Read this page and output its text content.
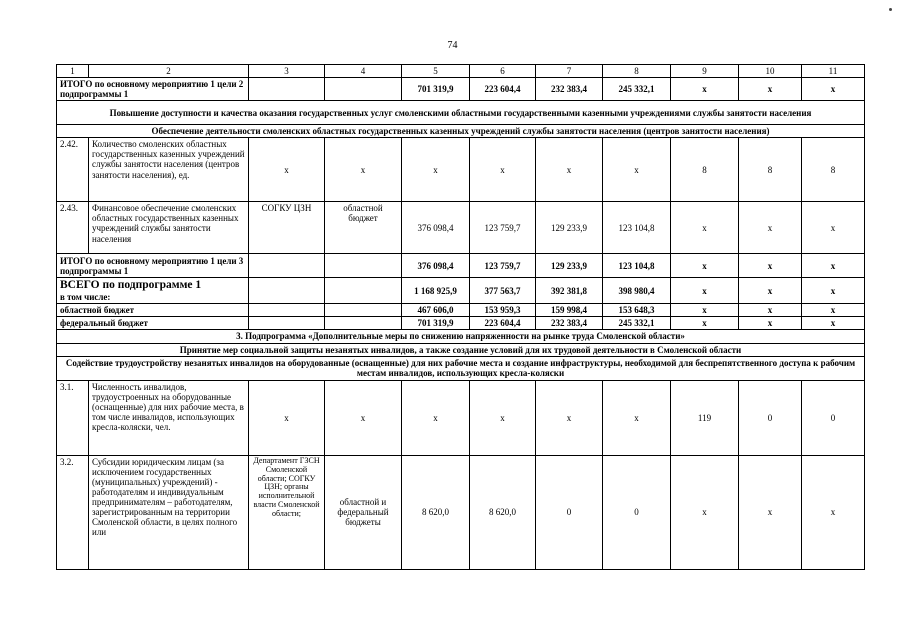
74
1	2	3	4	5	6	7	8	9	10	11
ИТОГО по основному мероприятию 1 цели 2 подпрограммы 1				701 319,9	223 604,4	232 383,4	245 332,1	x	x	x
Повышение доступности и качества оказания государственных услуг смоленскими областными государственными казенными учреждениями службы занятости населения										
Обеспечение деятельности смоленских областных государственных казенных учреждений службы занятости населения (центров занятости населения)										
2.42.	Количество смоленских областных государственных казенных учреждений службы занятости населения (центров занятости населения), ед.	x	x	x	x	x	x	8	8	8
2.43.	Финансовое обеспечение смоленских областных государственных казенных учреждений службы занятости населения	СОГКУ ЦЗН	областной бюджет	376 098,4	123 759,7	129 233,9	123 104,8	x	x	x
ИТОГО по основному мероприятию 1 цели 3 подпрограммы 1				376 098,4	123 759,7	129 233,9	123 104,8	x	x	x

ВСЕГО по подпрограмме 1
в том числе:				1 168 925,9	377 563,7	392 381,8	398 980,4	x	x	x
областной бюджет				467 606,0	153 959,3	159 998,4	153 648,3	x	x	x
федеральный бюджет				701 319,9	223 604,4	232 383,4	245 332,1	x	x	x
3. Подпрограмма «Дополнительные меры по снижению напряженности на рынке труда Смоленской области»										
Принятие мер социальной защиты незанятых инвалидов, а также создание условий для их трудовой деятельности в Смоленской области										
Содействие трудоустройству незанятых инвалидов на оборудованные (оснащенные) для них рабочие места и создание инфраструктуры, необходимой для беспрепятственного доступа к рабочим местам инвалидов, использующих кресла-коляски										
3.1.	Численность инвалидов, трудоустроенных на оборудованные (оснащенные) для них рабочие места, в том числе инвалидов, использующих кресла-коляски, чел.	x	x	x	x	x	x	119	0	0
3.2.	Субсидии юридическим лицам (за исключением государственных (муниципальных) учреждений) - работодателям и индивидуальным предпринимателям – работодателям, зарегистрированным на территории Смоленской области, в целях полного или	Департамент ГЗСН Смоленской области; СОГКУ ЦЗН; органы исполнительной власти Смоленской области;	областной и федеральный бюджеты	8 620,0	8 620,0	0	0	x	x	x
